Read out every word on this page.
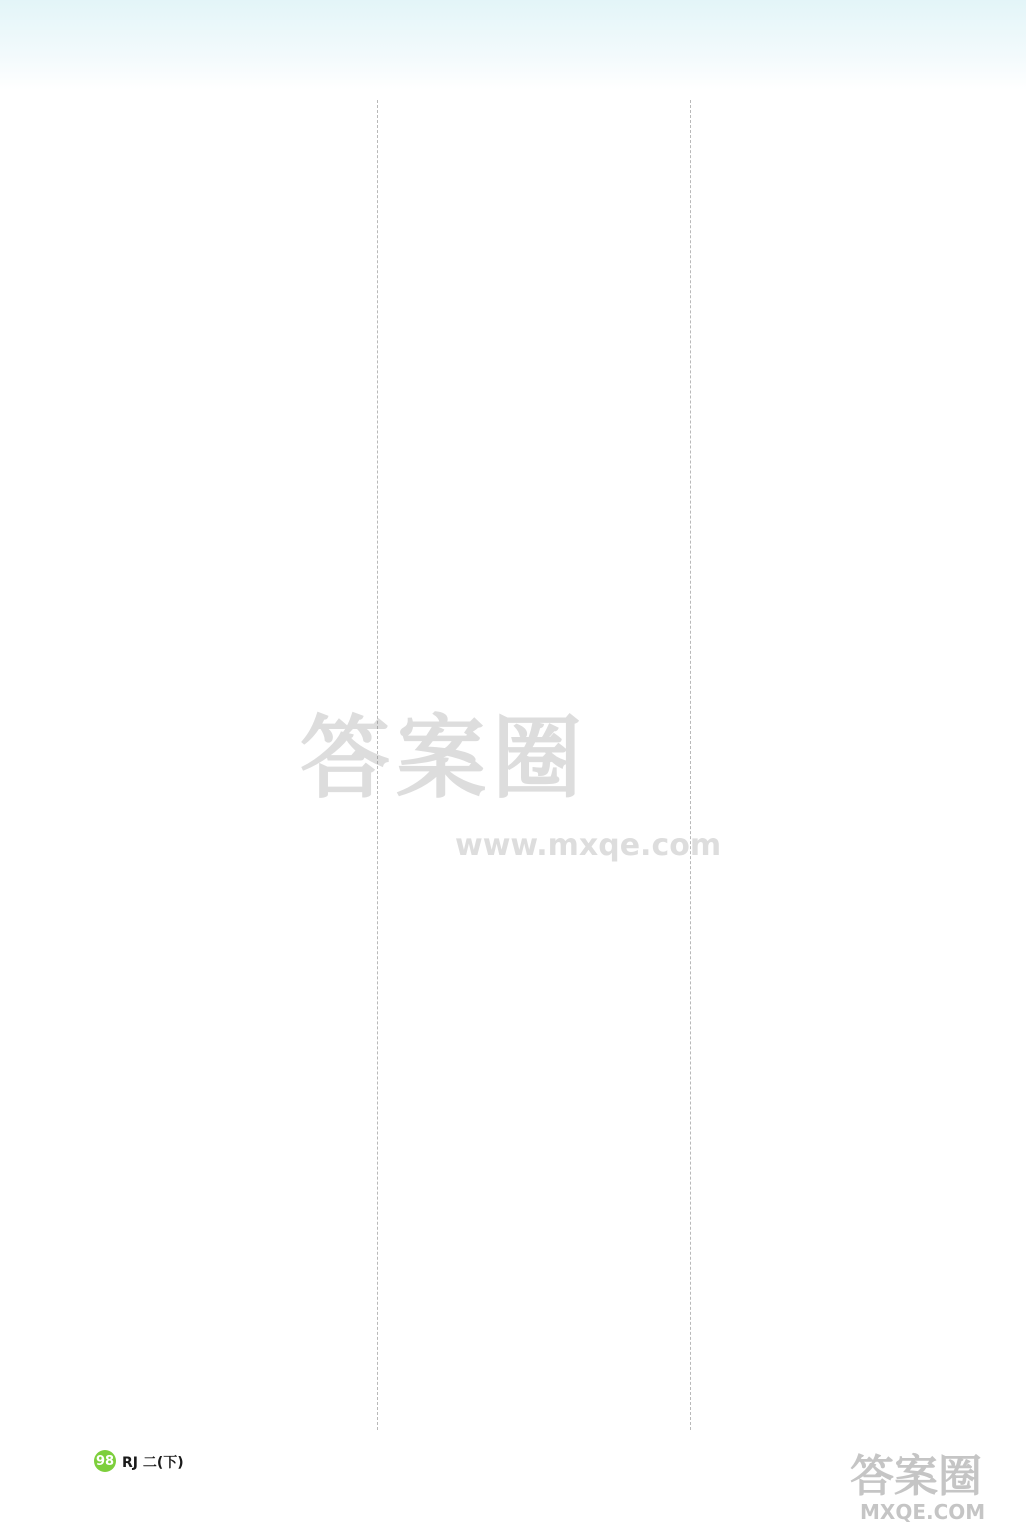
98 RJ 二(下)
答案圈
www.mxqe.com
答案圈
MXQE.COM
